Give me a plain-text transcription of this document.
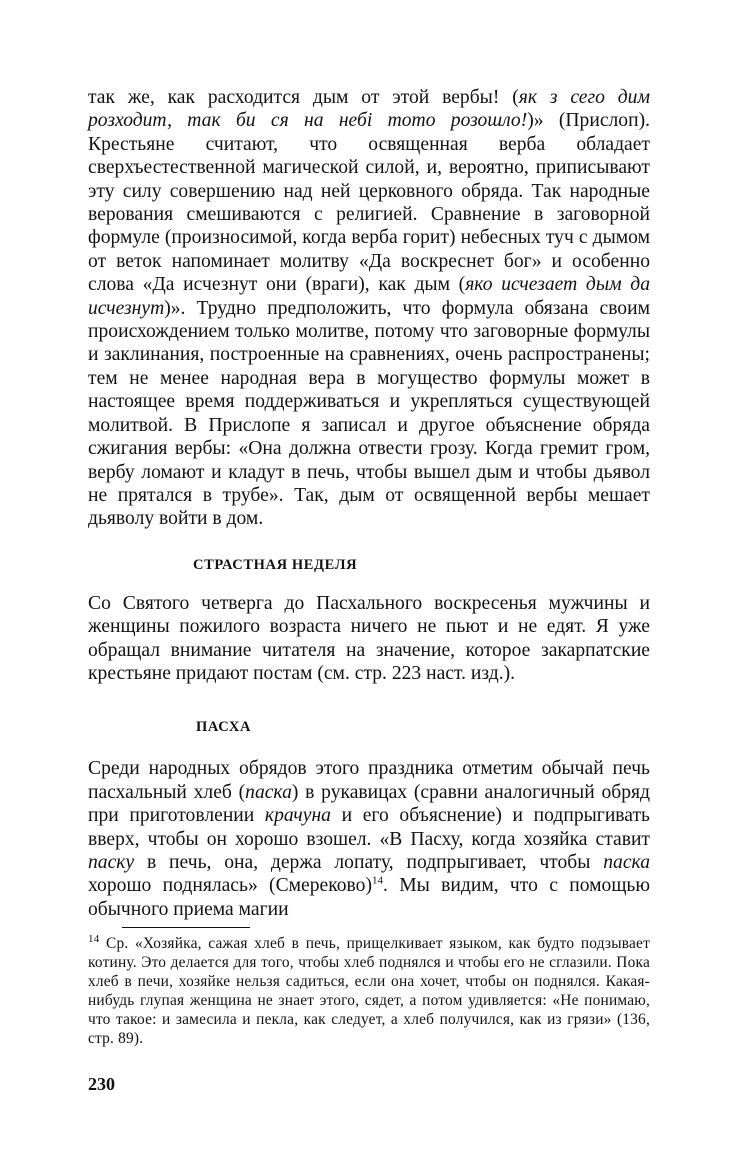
так же, как расходится дым от этой вербы! (як з сего дим розходит, так би ся на небі тото розошло!)» (Прислоп). Крестьяне считают, что освященная верба обладает сверхъестественной магической силой, и, вероятно, приписывают эту силу совершению над ней церковного обряда. Так народные верования смешиваются с религией. Сравнение в заговорной формуле (произносимой, когда верба горит) небесных туч с дымом от веток напоминает молитву «Да воскреснет бог» и особенно слова «Да исчезнут они (враги), как дым (яко исчезает дым да исчезнут)». Трудно предположить, что формула обязана своим происхождением только молитве, потому что заговорные формулы и заклинания, построенные на сравнениях, очень распространены; тем не менее народная вера в могущество формулы может в настоящее время поддерживаться и укрепляться существующей молитвой. В Прислопе я записал и другое объяснение обряда сжигания вербы: «Она должна отвести грозу. Когда гремит гром, вербу ломают и кладут в печь, чтобы вышел дым и чтобы дьявол не прятался в трубе». Так, дым от освященной вербы мешает дьяволу войти в дом.

СТРАСТНАЯ НЕДЕЛЯ

Со Святого четверга до Пасхального воскресенья мужчины и женщины пожилого возраста ничего не пьют и не едят. Я уже обращал внимание читателя на значение, которое закарпатские крестьяне придают постам (см. стр. 223 наст. изд.).

ПАСХА

Среди народных обрядов этого праздника отметим обычай печь пасхальный хлеб (паска) в рукавицах (сравни аналогичный обряд при приготовлении крачуна и его объяснение) и подпрыгивать вверх, чтобы он хорошо взошел. «В Пасху, когда хозяйка ставит паску в печь, она, держа лопату, подпрыгивает, чтобы паска хорошо поднялась» (Смереково)$^{14}$. Мы видим, что с помощью обычного приема магии

$^{14}$ Ср. «Хозяйка, сажая хлеб в печь, прищелкивает языком, как будто подзывает котину. Это делается для того, чтобы хлеб поднялся и чтобы его не сглазили. Пока хлеб в печи, хозяйке нельзя садиться, если она хочет, чтобы он поднялся. Какая-нибудь глупая женщина не знает этого, сядет, а потом удивляется: «Не понимаю, что такое: и замесила и пекла, как следует, а хлеб получился, как из грязи» (136, стр. 89).

230
